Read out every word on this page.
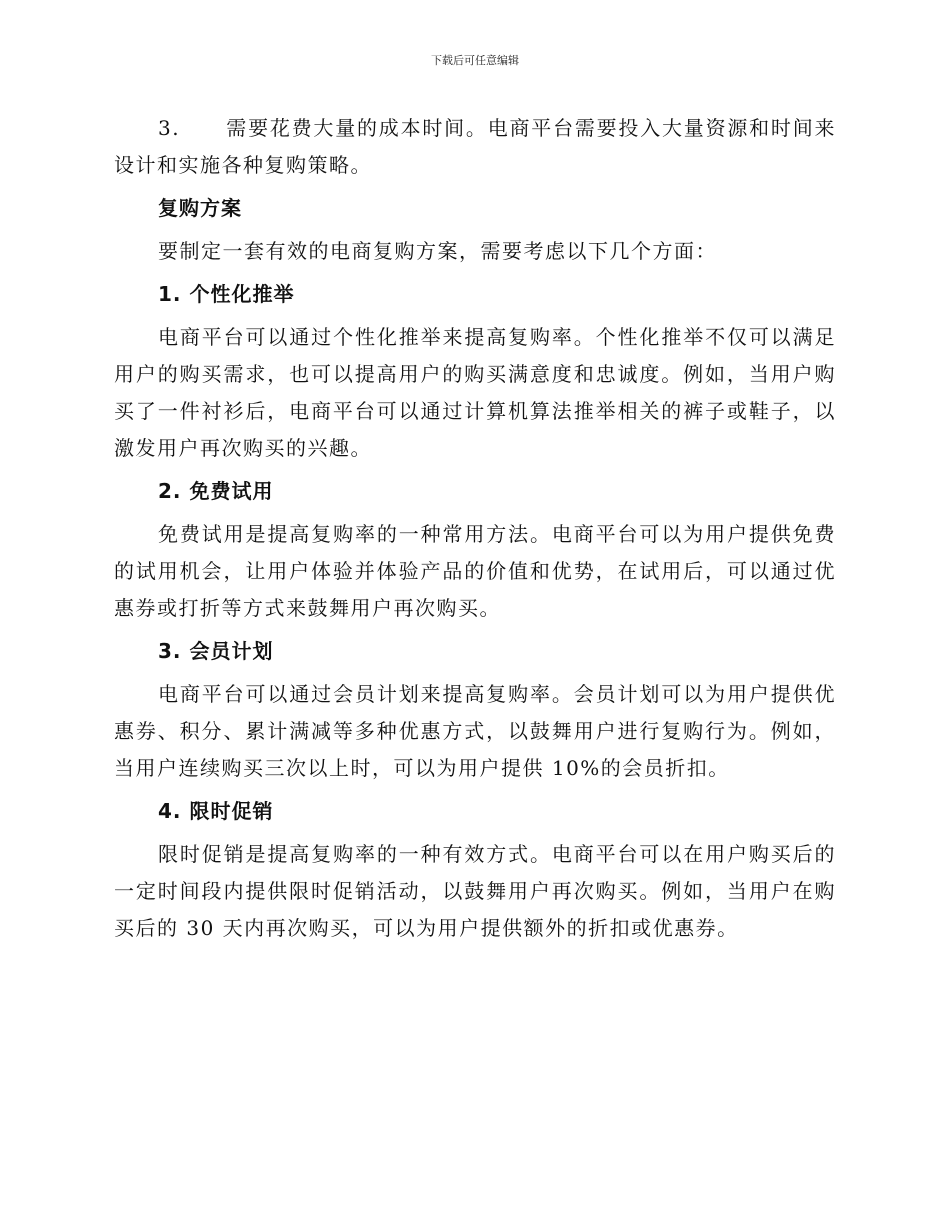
下载后可任意编辑

3. 需要花费大量的成本时间。电商平台需要投入大量资源和时间来设计和实施各种复购策略。

复购方案

要制定一套有效的电商复购方案，需要考虑以下几个方面：

1. 个性化推举

电商平台可以通过个性化推举来提高复购率。个性化推举不仅可以满足用户的购买需求，也可以提高用户的购买满意度和忠诚度。例如，当用户购买了一件衬衫后，电商平台可以通过计算机算法推举相关的裤子或鞋子，以激发用户再次购买的兴趣。

2. 免费试用

免费试用是提高复购率的一种常用方法。电商平台可以为用户提供免费的试用机会，让用户体验并体验产品的价值和优势，在试用后，可以通过优惠券或打折等方式来鼓舞用户再次购买。

3. 会员计划

电商平台可以通过会员计划来提高复购率。会员计划可以为用户提供优惠券、积分、累计满减等多种优惠方式，以鼓舞用户进行复购行为。例如，当用户连续购买三次以上时，可以为用户提供 10%的会员折扣。

4. 限时促销

限时促销是提高复购率的一种有效方式。电商平台可以在用户购买后的一定时间段内提供限时促销活动，以鼓舞用户再次购买。例如，当用户在购买后的 30 天内再次购买，可以为用户提供额外的折扣或优惠券。
